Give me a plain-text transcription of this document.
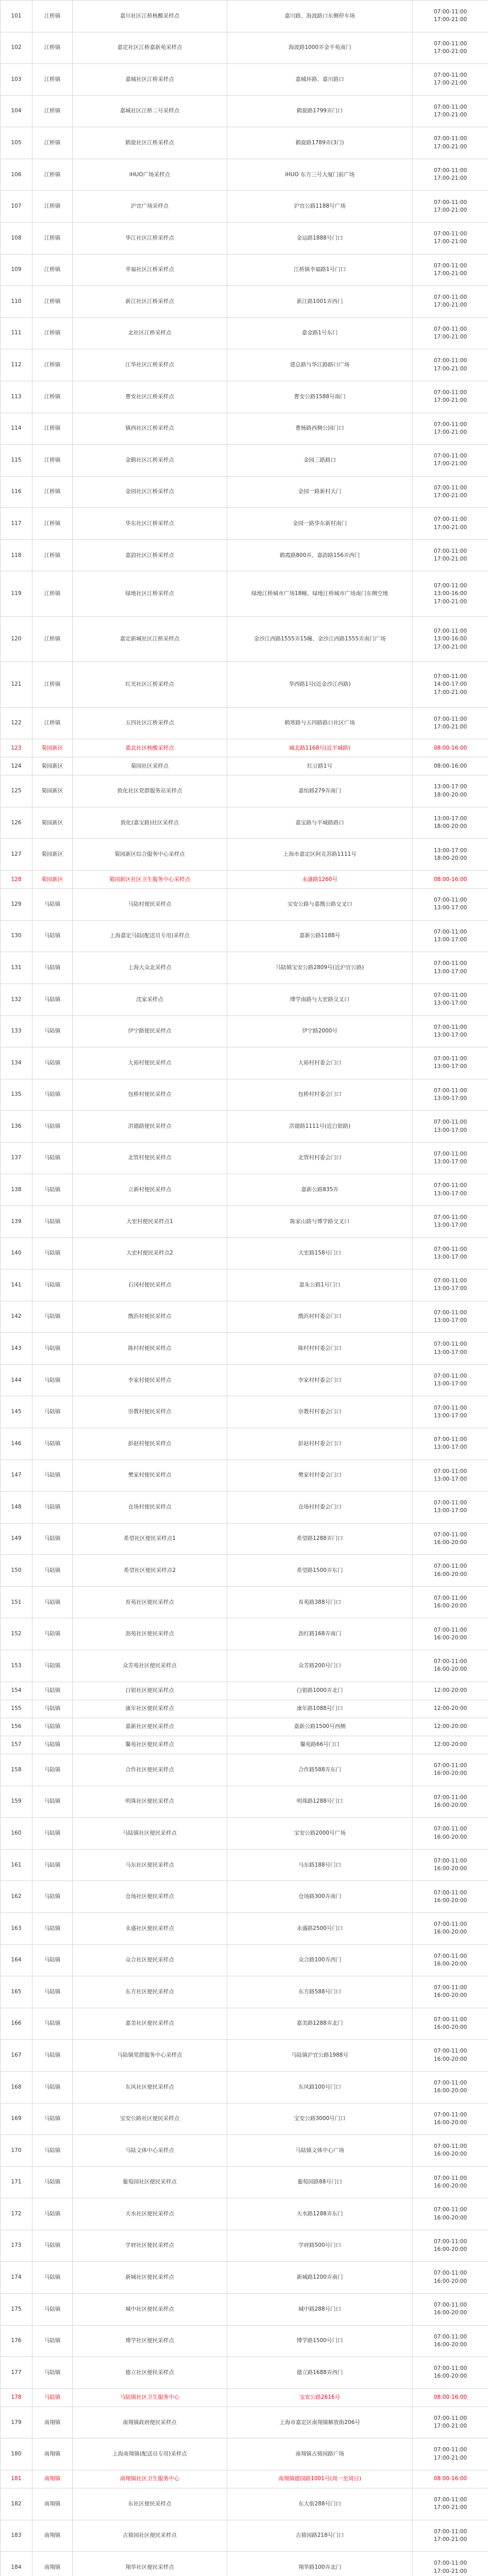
101	江桥镇	嘉川社区江桥核酸采样点	嘉川路、海波路口东侧停车场	07:00-11:00
17:00-21:00

102	江桥镇	嘉定社区江桥嘉新苑采样点	海波路1000弄金平苑南门	07:00-11:00
17:00-21:00

103	江桥镇	嘉城社区江桥采样点	嘉城环路、嘉川路口	07:00-11:00
17:00-21:00

104	江桥镇	嘉城社区江桥二号采样点	鹤旋路1799弄门口	07:00-11:00
17:00-21:00

105	江桥镇	鹤旋社区江桥采样点	鹤旋路1789弄(3门)	07:00-11:00
17:00-21:00

106	江桥镇	iHUO广场采样点	iHUO 东方三号大厦门前广场	07:00-11:00
17:00-21:00

107	江桥镇	沪宜广场采样点	沪宜公路1188号广场	07:00-11:00
17:00-21:00

108	江桥镇	华江社区江桥采样点	金运路1888号门口	07:00-11:00
17:00-21:00

109	江桥镇	幸福社区江桥采样点	江桥镇幸福路1号门口	07:00-11:00
17:00-21:00

110	江桥镇	新江社区江桥采样点	新江路1001弄西门	07:00-11:00
17:00-21:00

111	江桥镇	北社区江桥采样点	嘉金路1号东门	07:00-11:00
17:00-21:00

112	江桥镇	江华社区江桥采样点	建总路与华江路路口广场	07:00-11:00
17:00-21:00

113	江桥镇	曹安社区江桥采样点	曹安公路1588号南门	07:00-11:00
17:00-21:00

114	江桥镇	镇西社区江桥采样点	曹杨路西侧公园门口	07:00-11:00
17:00-21:00

115	江桥镇	金鹤社区江桥采样点	金园三路路口	07:00-11:00
17:00-21:00

116	江桥镇	金园社区江桥采样点	金园一路新村大门	07:00-11:00
17:00-21:00

117	江桥镇	华东社区江桥采样点	金园一路华东新村南门	07:00-11:00
17:00-21:00

118	江桥镇	嘉韵社区江桥采样点	鹤霞路800弄、嘉韵路156弄西门	07:00-11:00
17:00-21:00

119	江桥镇	绿地社区江桥采样点	绿地江桥城市广场18幢、绿地江桥城市广场南门东侧空地	07:00-11:00
13:00-16:00
17:00-21:00

120	江桥镇	嘉定新城社区江桥采样点	金沙江西路1555弄15幢、金沙江西路1555弄南门广场	07:00-11:00
13:00-16:00
17:00-21:00

121	江桥镇	红光社区江桥采样点	华西路1号(近金沙江西路)	07:00-11:00
14:00-17:00
17:00-21:00

122	江桥镇	五四社区江桥采样点	鹤寒路与五四路路口社区广场	07:00-11:00
17:00-21:00

123	菊园新区	嘉北社区核酸采样点	城北路1168号(近平城路)	08:00-16:00

124	菊园新区	菊园社区采样点	红豆路1号	08:00-16:00

125	菊园新区	敦化社区党群服务站采样点	嘉怡路279弄南门	13:00-17:00
18:00-20:00

126	菊园新区	敦化(嘉宝路)社区采样点	嘉宝路与平城路路口	13:00-17:00
18:00-20:00

127	菊园新区	菊园新区综合服务中心采样点	上海市嘉定区阿克苏路1111号	13:00-17:00
18:00-20:00

128	菊园新区	菊园新区社区卫生服务中心采样点	永盛路1260号	08:00-16:00

129	马陆镇	马陆村便民采样点	宝安公路与嘉戬公路交叉口	07:00-11:00
13:00-17:00

130	马陆镇	上海嘉定马陆(配送员专用)采样点	嘉新公路1188号	07:00-11:00
13:00-17:00

131	马陆镇	上海大众北采样点	马陆镇宝安公路2809号(近沪宜公路)	07:00-11:00
13:00-17:00

132	马陆镇	沈家采样点	博学南路与大宏路交叉口	07:00-11:00
13:00-17:00

133	马陆镇	伊宁路便民采样点	伊宁路2000号	07:00-11:00
13:00-17:00

134	马陆镇	大裕村便民采样点	大裕村村委会门口	07:00-11:00
13:00-17:00

135	马陆镇	包桥村便民采样点	包桥村村委会门口	07:00-11:00
13:00-17:00

136	马陆镇	洪德路便民采样点	洪德路1111号(近白银路)	07:00-11:00
13:00-17:00

137	马陆镇	北管村便民采样点	北管村村委会门口	07:00-11:00
13:00-17:00

138	马陆镇	立新村便民采样点	嘉新公路835弄	07:00-11:00
13:00-17:00

139	马陆镇	大宏村便民采样点1	陈家山路与博学路交叉口	07:00-11:00
13:00-17:00

140	马陆镇	大宏村便民采样点2	大宏路158号门口	07:00-11:00
13:00-17:00

141	马陆镇	石冈村便民采样点	嘉朱公路1号门口	07:00-11:00
13:00-17:00

142	马陆镇	戬浜村便民采样点	戬浜村村委会门口	07:00-11:00
13:00-17:00

143	马陆镇	陈村村便民采样点	陈村村村委会门口	07:00-11:00
13:00-17:00

144	马陆镇	李家村便民采样点	李家村村委会门口	07:00-11:00
13:00-17:00

145	马陆镇	崇教村便民采样点	崇教村村委会门口	07:00-11:00
13:00-17:00

146	马陆镇	彭赵村便民采样点	彭赵村村委会门口	07:00-11:00
13:00-17:00

147	马陆镇	樊家村便民采样点	樊家村村委会门口	07:00-11:00
13:00-17:00

148	马陆镇	仓场村便民采样点	仓场村村委会门口	07:00-11:00
13:00-17:00

149	马陆镇	希望社区便民采样点1	希望路1288弄门口	07:00-11:00
16:00-20:00

150	马陆镇	希望社区便民采样点2	希望路1500弄东门	07:00-11:00
16:00-20:00

151	马陆镇	育苑社区便民采样点	育苑路388号门口	07:00-11:00
16:00-20:00

152	马陆镇	沥苑社区便民采样点	沥红路168弄南门	07:00-11:00
16:00-20:00

153	马陆镇	众芳苑社区便民采样点	众芳路200号门口	07:00-11:00
16:00-20:00

154	马陆镇	白银社区便民采样点	白银路1000弄北门	12:00-20:00

155	马陆镇	康年社区便民采样点	康年路1088号门口	12:00-20:00

156	马陆镇	嘉新社区便民采样点	嘉新公路1500号西侧	12:00-20:00

157	马陆镇	馨苑社区便民采样点	馨苑路66号门口	12:00-20:00

158	马陆镇	合作社区便民采样点	合作路588弄东门	07:00-11:00
16:00-20:00

159	马陆镇	明珠社区便民采样点	明珠路1288号门口	07:00-11:00
16:00-20:00

160	马陆镇	马陆镇社区便民采样点	宝安公路2000号广场	07:00-11:00
16:00-20:00

161	马陆镇	马东社区便民采样点	马东路188号门口	07:00-11:00
16:00-20:00

162	马陆镇	仓场社区便民采样点	仓场路300弄南门	07:00-11:00
16:00-20:00

163	马陆镇	永盛社区便民采样点	永盛路2500号门口	07:00-11:00
16:00-20:00

164	马陆镇	众合社区便民采样点	众合路100弄西门	07:00-11:00
16:00-20:00

165	马陆镇	东方社区便民采样点	东方路588号门口	07:00-11:00
16:00-20:00

166	马陆镇	嘉美社区便民采样点	嘉美路1288弄北门	07:00-11:00
16:00-20:00

167	马陆镇	马陆镇党群服务中心采样点	马陆镇沪宜公路1988号	07:00-11:00
16:00-20:00

168	马陆镇	东风社区便民采样点	东风路100号门口	07:00-11:00
16:00-20:00

169	马陆镇	宝安公路社区便民采样点	宝安公路3000号门口	07:00-11:00
16:00-20:00

170	马陆镇	马陆文体中心采样点	马陆镇文体中心广场	07:00-11:00
16:00-20:00

171	马陆镇	葡萄园社区便民采样点	葡萄园路88号门口	07:00-11:00
16:00-20:00

172	马陆镇	天水社区便民采样点	天水路1288弄东门	07:00-11:00
16:00-20:00

173	马陆镇	学府社区便民采样点	学府路500号门口	07:00-11:00
16:00-20:00

174	马陆镇	新城社区便民采样点	新城路1200弄南门	07:00-11:00
16:00-20:00

175	马陆镇	城中社区便民采样点	城中路288号门口	07:00-11:00
16:00-20:00

176	马陆镇	博学社区便民采样点	博学路1500号门口	07:00-11:00
16:00-20:00

177	马陆镇	德立社区便民采样点	德立路1688弄西门	07:00-11:00
16:00-20:00

178	马陆镇	马陆镇社区卫生服务中心	宝安公路2616号	08:00-16:00

179	南翔镇	南翔镇政府便民采样点	上海市嘉定区南翔镇解放街206号	07:00-11:00
17:00-21:00

180	南翔镇	上海南翔镇(配送员专用)采样点	南翔镇古猗园路广场	07:00-11:00
17:00-21:00

181	南翔镇	南翔镇社区卫生服务中心	南翔镇德园路1001号(周一至周日)	08:00-16:00

182	南翔镇	东社区便民采样点	东大街288号门口	07:00-11:00
17:00-21:00

183	南翔镇	古猗园社区便民采样点	古猗园路218号门口	07:00-11:00
17:00-21:00

184	南翔镇	翔华社区便民采样点	翔华路100弄北门	07:00-11:00
17:00-21:00
